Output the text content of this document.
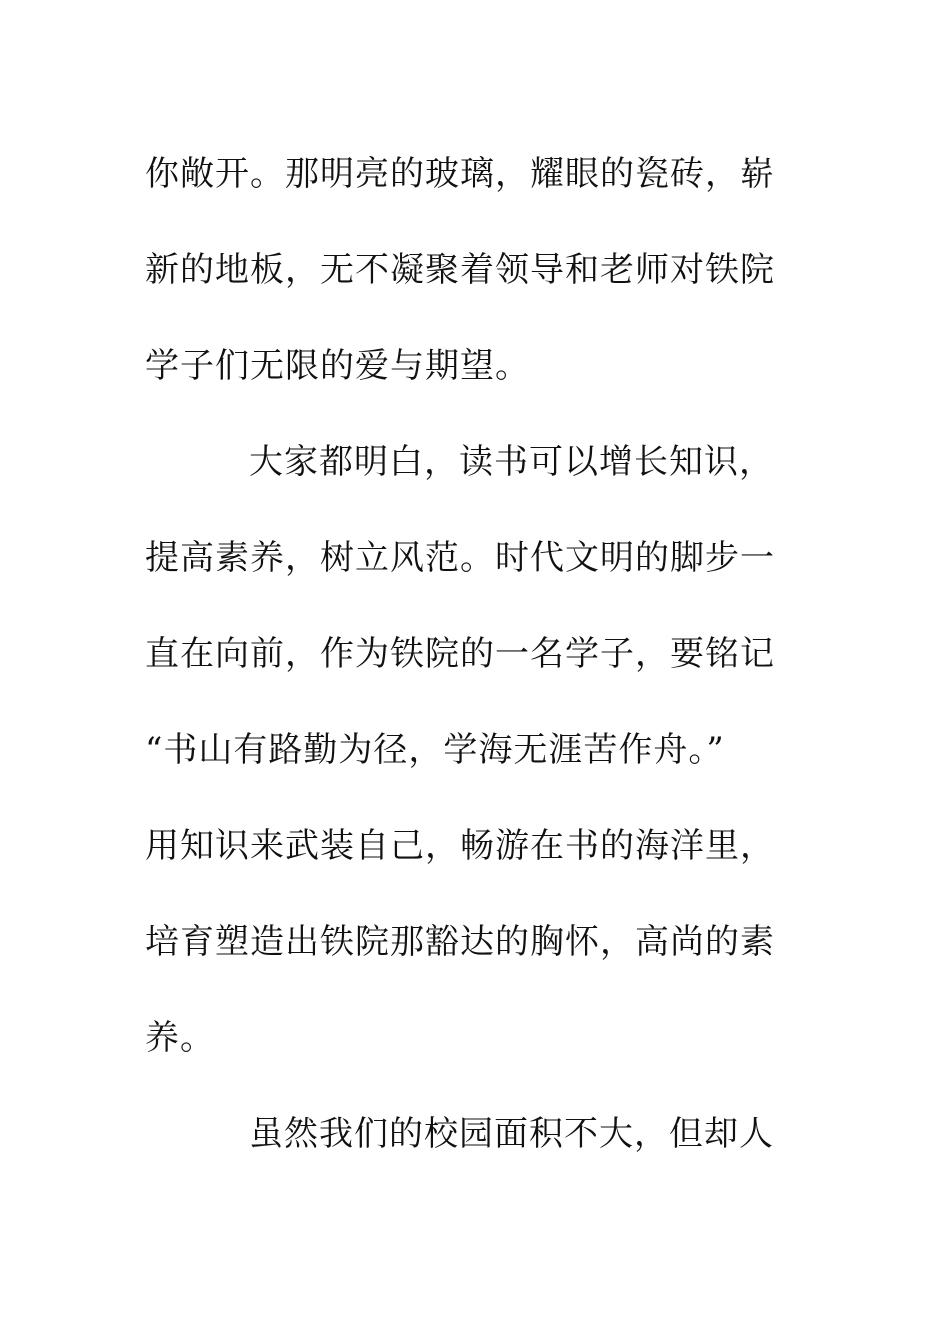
你敞开。那明亮的玻璃，耀眼的瓷砖，崭
新的地板，无不凝聚着领导和老师对铁院
学子们无限的爱与期望。
大家都明白，读书可以增长知识，
提高素养，树立风范。时代文明的脚步一
直在向前，作为铁院的一名学子，要铭记
“书山有路勤为径，学海无涯苦作舟。”
用知识来武装自己，畅游在书的海洋里，
培育塑造出铁院那豁达的胸怀，高尚的素
养。
虽然我们的校园面积不大，但却人
